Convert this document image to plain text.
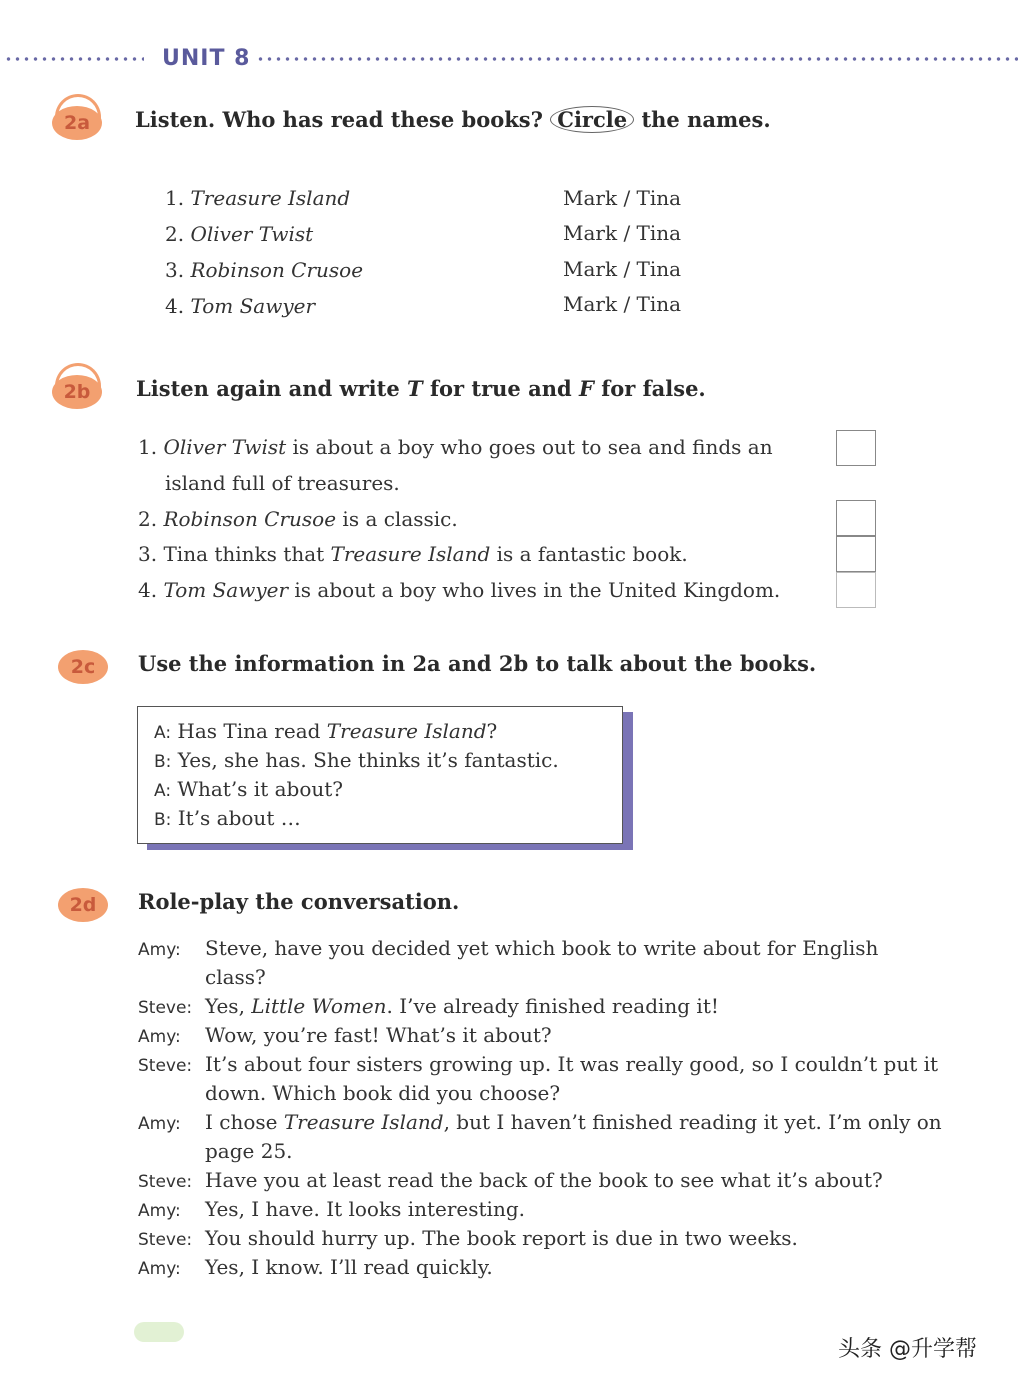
UNIT 8
2a	Listen. Who has read these books? Circle the names.
1. Treasure Island	Mark / Tina
2. Oliver Twist	Mark / Tina
3. Robinson Crusoe	Mark / Tina
4. Tom Sawyer	Mark / Tina
2b	Listen again and write T for true and F for false.
1. Oliver Twist is about a boy who goes out to sea and finds an
island full of treasures.
2. Robinson Crusoe is a classic.
3. Tina thinks that Treasure Island is a fantastic book.
4. Tom Sawyer is about a boy who lives in the United Kingdom.
2c	Use the information in 2a and 2b to talk about the books.
A: Has Tina read Treasure Island?
B: Yes, she has. She thinks it’s fantastic.
A: What’s it about?
B: It’s about …
2d	Role-play the conversation.
Amy: Steve, have you decided yet which book to write about for English
class?
Steve: Yes, Little Women. I’ve already finished reading it!
Amy: Wow, you’re fast! What’s it about?
Steve: It’s about four sisters growing up. It was really good, so I couldn’t put it
down. Which book did you choose?
Amy: I chose Treasure Island, but I haven’t finished reading it yet. I’m only on
page 25.
Steve: Have you at least read the back of the book to see what it’s about?
Amy: Yes, I have. It looks interesting.
Steve: You should hurry up. The book report is due in two weeks.
Amy: Yes, I know. I’ll read quickly.
头条 @升学帮
